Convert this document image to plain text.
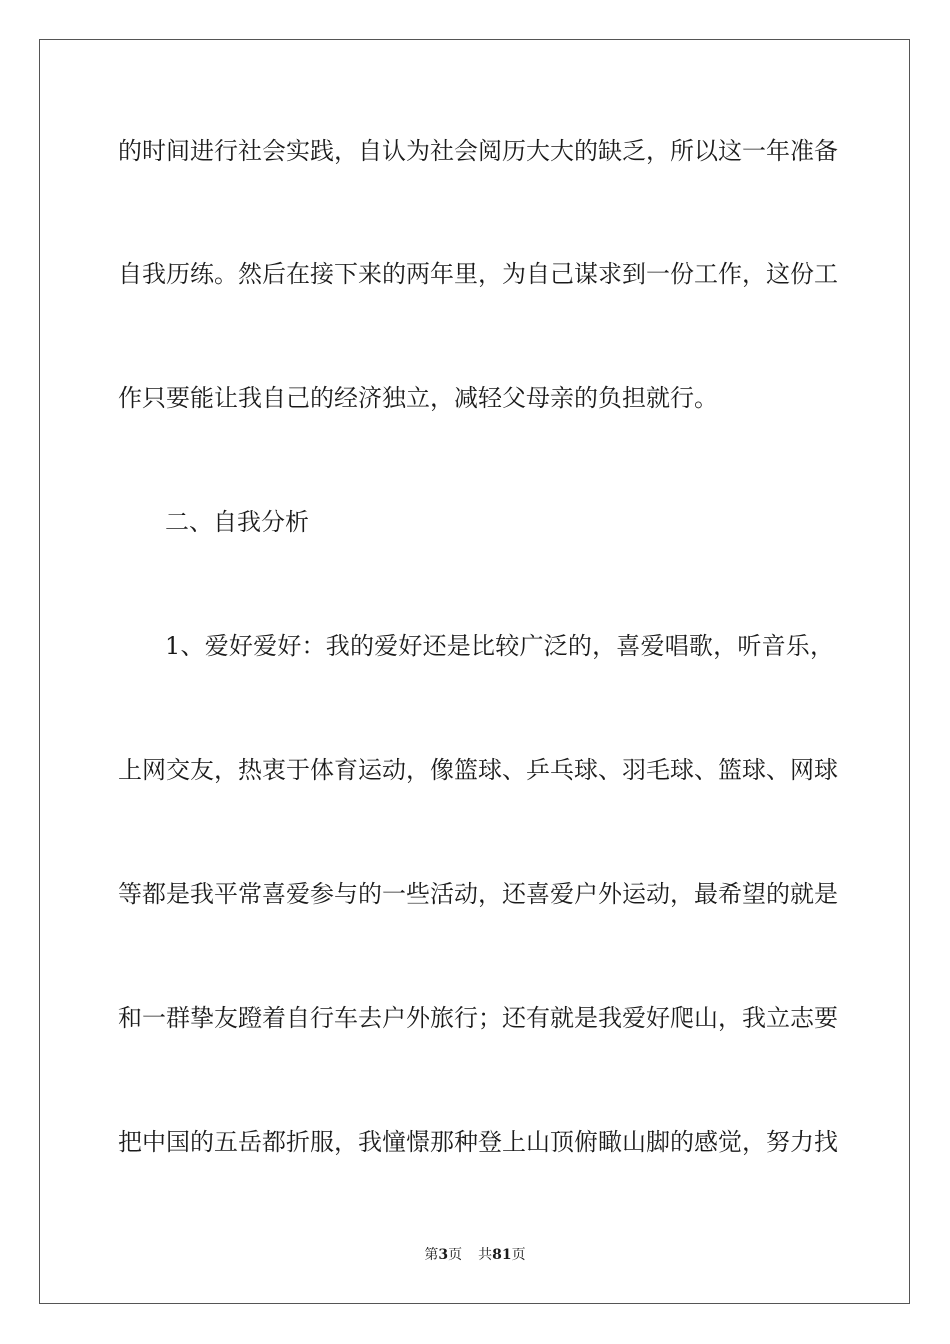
的时间进行社会实践，自认为社会阅历大大的缺乏，所以这一年准备
自我历练。然后在接下来的两年里，为自己谋求到一份工作，这份工
作只要能让我自己的经济独立，减轻父母亲的负担就行。
二、自我分析
1、爱好爱好：我的爱好还是比较广泛的，喜爱唱歌，听音乐，
上网交友，热衷于体育运动，像篮球、乒乓球、羽毛球、篮球、网球
等都是我平常喜爱参与的一些活动，还喜爱户外运动，最希望的就是
和一群挚友蹬着自行车去户外旅行；还有就是我爱好爬山，我立志要
把中国的五岳都折服，我憧憬那种登上山顶俯瞰山脚的感觉，努力找
第3页 共81页
